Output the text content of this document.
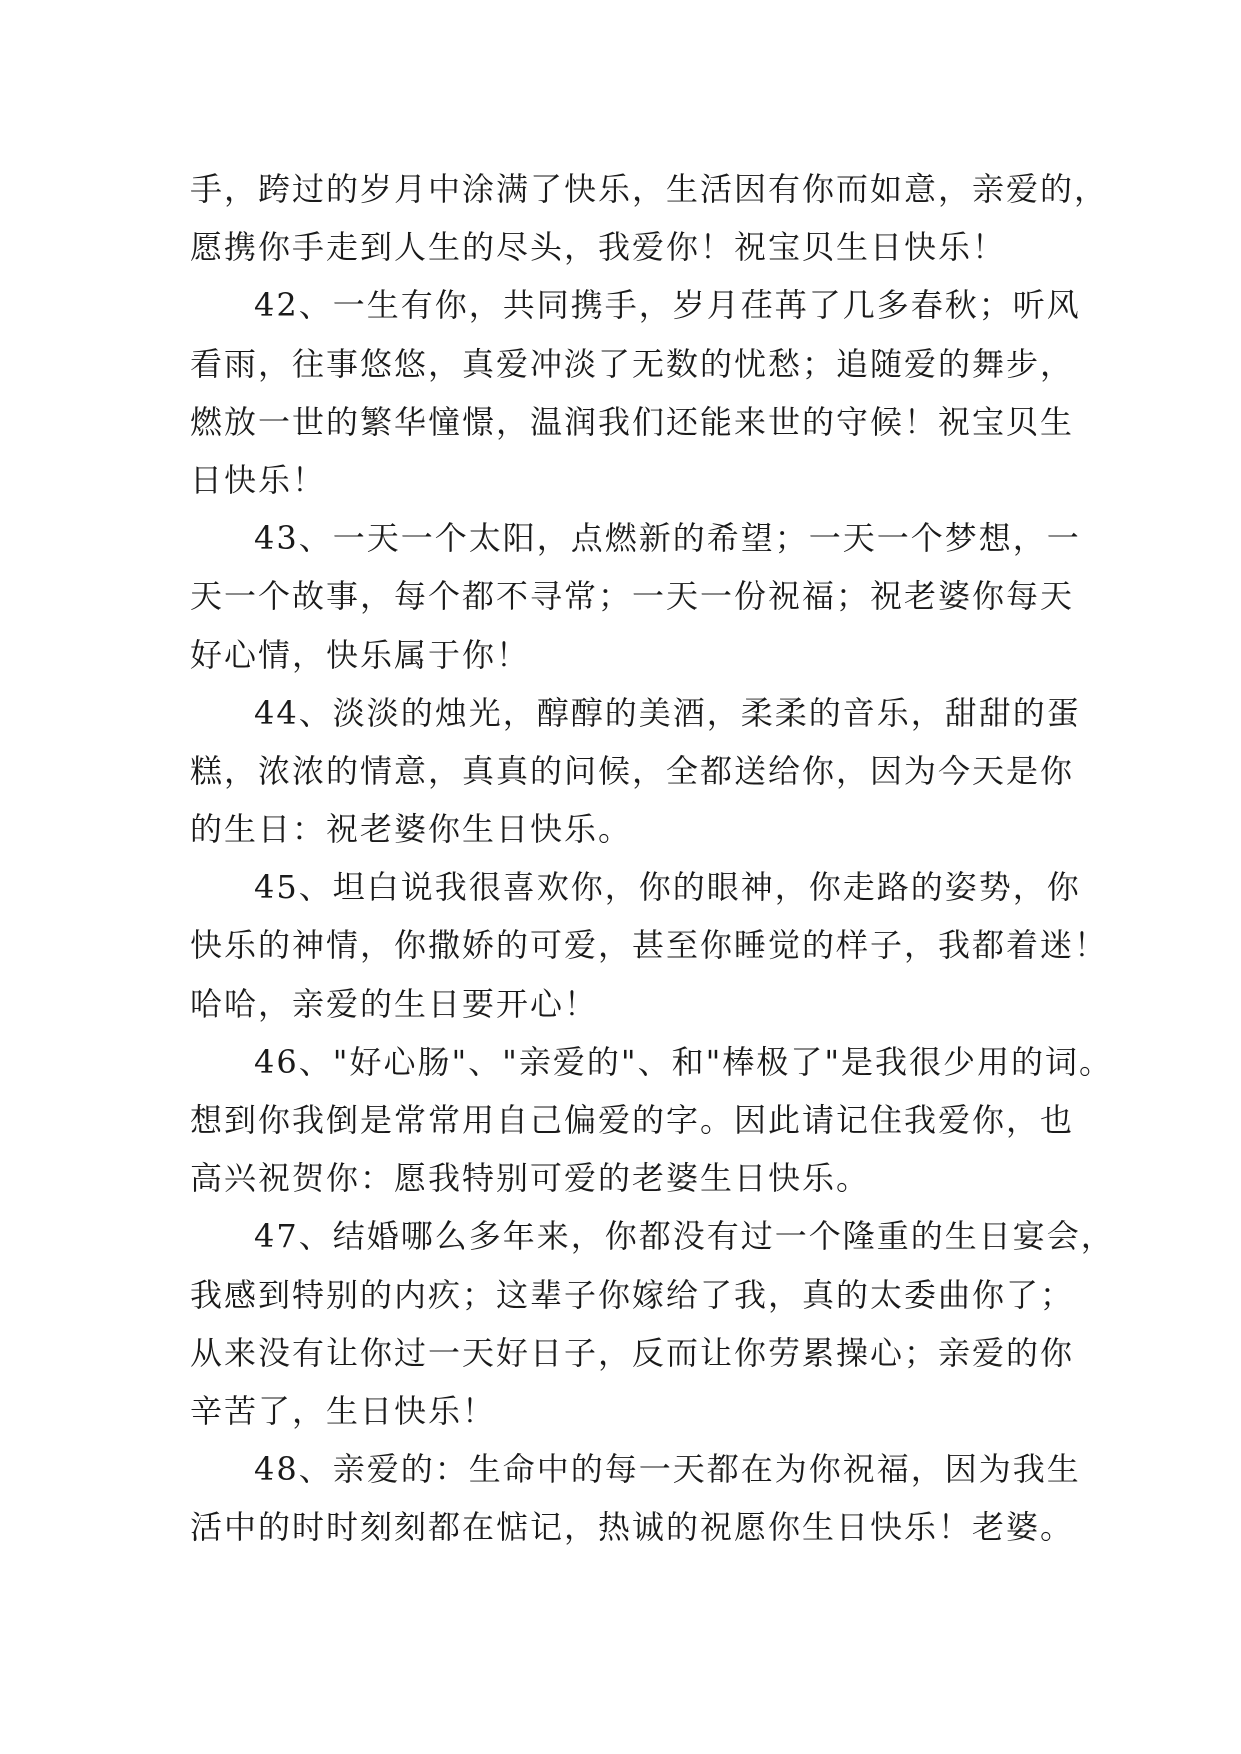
手，跨过的岁月中涂满了快乐，生活因有你而如意，亲爱的，
愿携你手走到人生的尽头，我爱你！祝宝贝生日快乐！
42、一生有你，共同携手，岁月荏苒了几多春秋；听风
看雨，往事悠悠，真爱冲淡了无数的忧愁；追随爱的舞步，
燃放一世的繁华憧憬，温润我们还能来世的守候！祝宝贝生
日快乐！
43、一天一个太阳，点燃新的希望；一天一个梦想，一
天一个故事，每个都不寻常；一天一份祝福；祝老婆你每天
好心情，快乐属于你！
44、淡淡的烛光，醇醇的美酒，柔柔的音乐，甜甜的蛋
糕，浓浓的情意，真真的问候，全都送给你，因为今天是你
的生日：祝老婆你生日快乐。
45、坦白说我很喜欢你，你的眼神，你走路的姿势，你
快乐的神情，你撒娇的可爱，甚至你睡觉的样子，我都着迷！
哈哈，亲爱的生日要开心！
46、"好心肠"、"亲爱的"、和"棒极了"是我很少用的词。
想到你我倒是常常用自己偏爱的字。因此请记住我爱你，也
高兴祝贺你：愿我特别可爱的老婆生日快乐。
47、结婚哪么多年来，你都没有过一个隆重的生日宴会，
我感到特别的内疚；这辈子你嫁给了我，真的太委曲你了；
从来没有让你过一天好日子，反而让你劳累操心；亲爱的你
辛苦了，生日快乐！
48、亲爱的：生命中的每一天都在为你祝福，因为我生
活中的时时刻刻都在惦记，热诚的祝愿你生日快乐！老婆。
